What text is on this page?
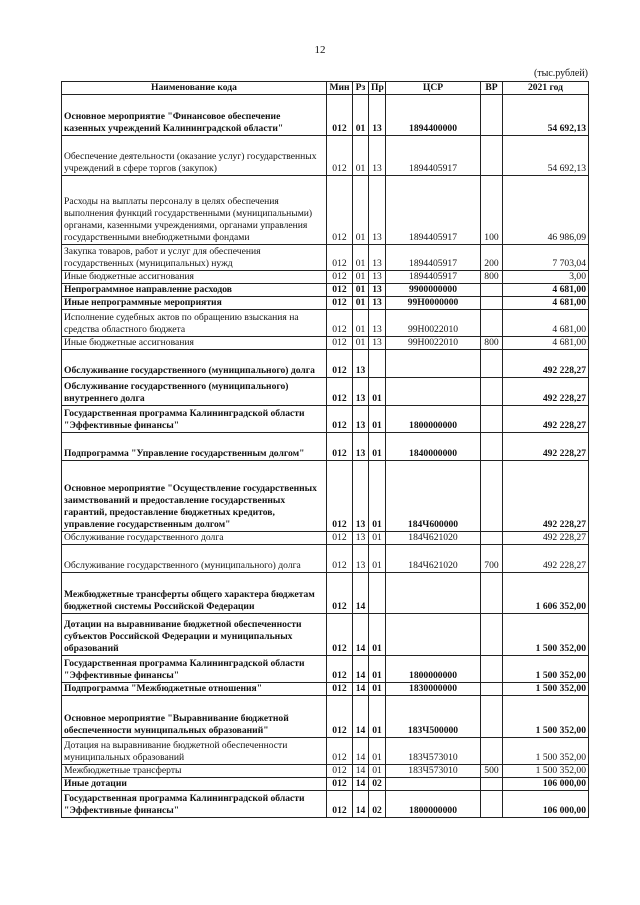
12
(тыс.рублей)
Наименование кода	Мин	Рз	Пр	ЦСР	ВР	2021 год
Основное мероприятие "Финансовое обеспечение казенных учреждений Калининградской области"	012	01	13	1894400000		54 692,13
Обеспечение деятельности (оказание услуг) государственных учреждений в сфере торгов (закупок)	012	01	13	1894405917		54 692,13
Расходы на выплаты персоналу в целях обеспечения выполнения функций государственными (муниципальными) органами, казенными учреждениями, органами управления государственными внебюджетными фондами	012	01	13	1894405917	100	46 986,09
Закупка товаров, работ и услуг для обеспечения государственных (муниципальных) нужд	012	01	13	1894405917	200	7 703,04
Иные бюджетные ассигнования	012	01	13	1894405917	800	3,00
Непрограммное направление расходов	012	01	13	9900000000		4 681,00
Иные непрограммные мероприятия	012	01	13	99Н0000000		4 681,00
Исполнение судебных актов по обращению взыскания на средства областного бюджета	012	01	13	99Н0022010		4 681,00
Иные бюджетные ассигнования	012	01	13	99Н0022010	800	4 681,00
Обслуживание государственного (муниципального) долга	012	13				492 228,27
Обслуживание государственного (муниципального) внутреннего долга	012	13	01			492 228,27
Государственная программа Калининградской области "Эффективные финансы"	012	13	01	1800000000		492 228,27
Подпрограмма "Управление государственным долгом"	012	13	01	1840000000		492 228,27
Основное мероприятие "Осуществление государственных заимствований и предоставление государственных гарантий, предоставление бюджетных кредитов, управление государственным долгом"	012	13	01	184Ч600000		492 228,27
Обслуживание государственного долга	012	13	01	184Ч621020		492 228,27
Обслуживание государственного (муниципального) долга	012	13	01	184Ч621020	700	492 228,27
Межбюджетные трансферты общего характера бюджетам бюджетной системы Российской Федерации	012	14				1 606 352,00
Дотации на выравнивание бюджетной обеспеченности субъектов Российской Федерации и муниципальных образований	012	14	01			1 500 352,00
Государственная программа Калининградской области "Эффективные финансы"	012	14	01	1800000000		1 500 352,00
Подпрограмма "Межбюджетные отношения"	012	14	01	1830000000		1 500 352,00
Основное мероприятие "Выравнивание бюджетной обеспеченности муниципальных образований"	012	14	01	183Ч500000		1 500 352,00
Дотация на выравнивание бюджетной обеспеченности муниципальных образований	012	14	01	183Ч573010		1 500 352,00
Межбюджетные трансферты	012	14	01	183Ч573010	500	1 500 352,00
Иные дотации	012	14	02			106 000,00
Государственная программа Калининградской области "Эффективные финансы"	012	14	02	1800000000		106 000,00
